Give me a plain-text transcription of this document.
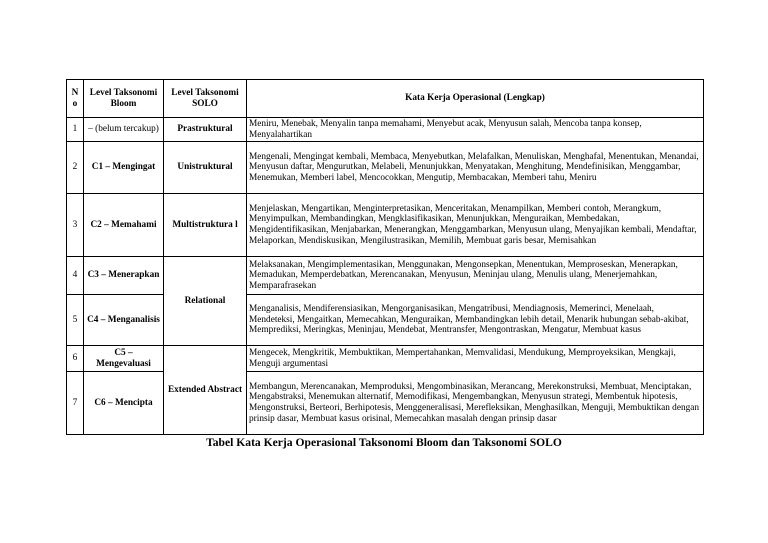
N o	Level Taksonomi Bloom	Level Taksonomi SOLO	Kata Kerja Operasional (Lengkap)
1	– (belum tercakup)	Prastruktural	Meniru, Menebak, Menyalin tanpa memahami, Menyebut acak, Menyusun salah, Mencoba tanpa konsep, Menyalahartikan
2	C1 – Mengingat	Unistruktural	Mengenali, Mengingat kembali, Membaca, Menyebutkan, Melafalkan, Menuliskan, Menghafal, Menentukan, Menandai, Menyusun daftar, Mengurutkan, Melabeli, Menunjukkan, Menyatakan, Menghitung, Mendefinisikan, Menggambar, Menemukan, Memberi label, Mencocokkan, Mengutip, Membacakan, Memberi tahu, Meniru
3	C2 – Memahami	Multistruktura l	Menjelaskan, Mengartikan, Menginterpretasikan, Menceritakan, Menampilkan, Memberi contoh, Merangkum, Menyimpulkan, Membandingkan, Mengklasifikasikan, Menunjukkan, Menguraikan, Membedakan, Mengidentifikasikan, Menjabarkan, Menerangkan, Menggambarkan, Menyusun ulang, Menyajikan kembali, Mendaftar, Melaporkan, Mendiskusikan, Mengilustrasikan, Memilih, Membuat garis besar, Memisahkan
4	C3 – Menerapkan	Relational	Melaksanakan, Mengimplementasikan, Menggunakan, Mengonsepkan, Menentukan, Memproseskan, Menerapkan, Memadukan, Memperdebatkan, Merencanakan, Menyusun, Meninjau ulang, Menulis ulang, Menerjemahkan, Memparafrasekan
5	C4 – Menganalisis		Menganalisis, Mendiferensiasikan, Mengorganisasikan, Mengatribusi, Mendiagnosis, Memerinci, Menelaah, Mendeteksi, Mengaitkan, Memecahkan, Menguraikan, Membandingkan lebih detail, Menarik hubungan sebab-akibat, Memprediksi, Meringkas, Meninjau, Mendebat, Mentransfer, Mengontraskan, Mengatur, Membuat kasus
6	C5 – Mengevaluasi	Extended Abstract	Mengecek, Mengkritik, Membuktikan, Mempertahankan, Memvalidasi, Mendukung, Memproyeksikan, Mengkaji, Menguji argumentasi
7	C6 – Mencipta		Membangun, Merencanakan, Memproduksi, Mengombinasikan, Merancang, Merekonstruksi, Membuat, Menciptakan, Mengabstraksi, Menemukan alternatif, Memodifikasi, Mengembangkan, Menyusun strategi, Membentuk hipotesis, Mengonstruksi, Berteori, Berhipotesis, Menggeneralisasi, Merefleksikan, Menghasilkan, Menguji, Membuktikan dengan prinsip dasar, Membuat kasus orisinal, Memecahkan masalah dengan prinsip dasar
Tabel Kata Kerja Operasional Taksonomi Bloom dan Taksonomi SOLO
